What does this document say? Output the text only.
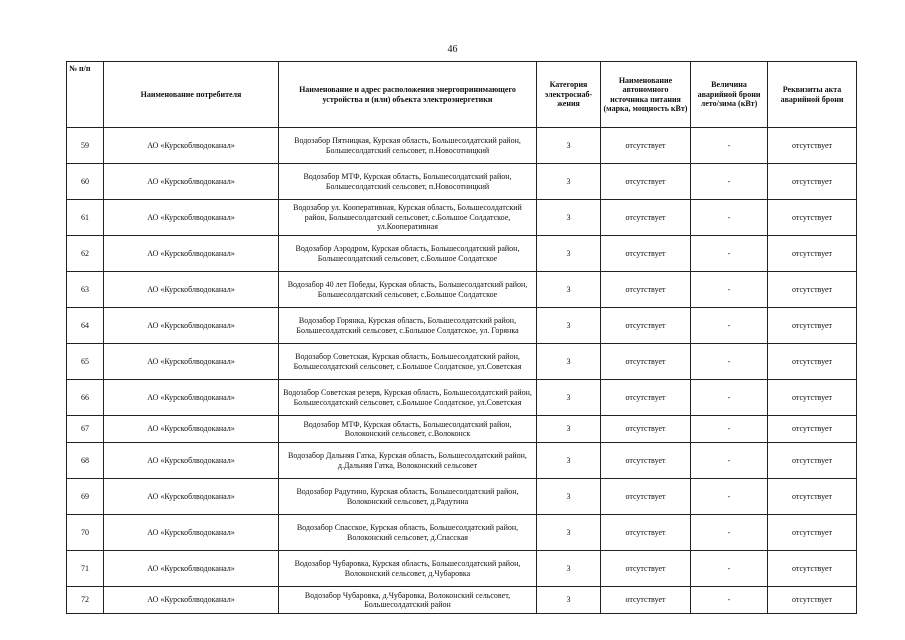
46
№ п/п	Наименование потребителя	Наименование и адрес расположения энергопринимающего устройства и (или) объекта электроэнергетики	Категория электроснаб-жения	Наименование автономного источника питания (марка, мощность кВт)	Величина аварийной брони лето/зима (кВт)	Реквизиты акта аварийной брони
59	АО «Курскоблводоканал»	Водозабор Пятницкая, Курская область, Большесолдатский район, Большесолдатский сельсовет, п.Новосотницкий	3	отсутствует	-	отсутствует
60	АО «Курскоблводоканал»	Водозабор МТФ, Курская область, Большесолдатский район, Большесолдатский сельсовет, п.Новосотницкий	3	отсутствует	-	отсутствует
61	АО «Курскоблводоканал»	Водозабор ул. Кооперативная, Курская область, Большесолдатский район, Большесолдатский сельсовет, с.Большое Солдатское, ул.Кооперативная	3	отсутствует	-	отсутствует
62	АО «Курскоблводоканал»	Водозабор Аэродром, Курская область, Большесолдатский район, Большесолдатский сельсовет, с.Большое Солдатское	3	отсутствует	-	отсутствует
63	АО «Курскоблводоканал»	Водозабор 40 лет Победы, Курская область, Большесолдатский район, Большесолдатский сельсовет, с.Большое Солдатское	3	отсутствует	-	отсутствует
64	АО «Курскоблводоканал»	Водозабор Горянка, Курская область, Большесолдатский район, Большесолдатский сельсовет, с.Большое Солдатское, ул. Горянка	3	отсутствует	-	отсутствует
65	АО «Курскоблводоканал»	Водозабор Советская, Курская область, Большесолдатский район, Большесолдатский сельсовет, с.Большое Солдатское, ул.Советская	3	отсутствует	-	отсутствует
66	АО «Курскоблводоканал»	Водозабор Советская резерв, Курская область, Большесолдатский район, Большесолдатский сельсовет, с.Большое Солдатское, ул.Советская	3	отсутствует	-	отсутствует
67	АО «Курскоблводоканал»	Водозабор МТФ, Курская область, Большесолдатский район, Волоконский сельсовет, с.Волоконск	3	отсутствует	-	отсутствует
68	АО «Курскоблводоканал»	Водозабор Дальняя Гатка, Курская область, Большесолдатский район, д.Дальняя Гатка, Волоконский сельсовет	3	отсутствует	-	отсутствует
69	АО «Курскоблводоканал»	Водозабор Радутино, Курская область, Большесолдатский район, Волоконский сельсовет, д.Радутина	3	отсутствует	-	отсутствует
70	АО «Курскоблводоканал»	Водозабор Спасское, Курская область, Большесолдатский район, Волоконский сельсовет, д.Спасская	3	отсутствует	-	отсутствует
71	АО «Курскоблводоканал»	Водозабор Чубаровка, Курская область, Большесолдатский район, Волоконский сельсовет, д.Чубаровка	3	отсутствует	-	отсутствует
72	АО «Курскоблводоканал»	Водозабор Чубаровка, д.Чубаровка, Волоконский сельсовет, Большесолдатский район	3	отсутствует	-	отсутствует
